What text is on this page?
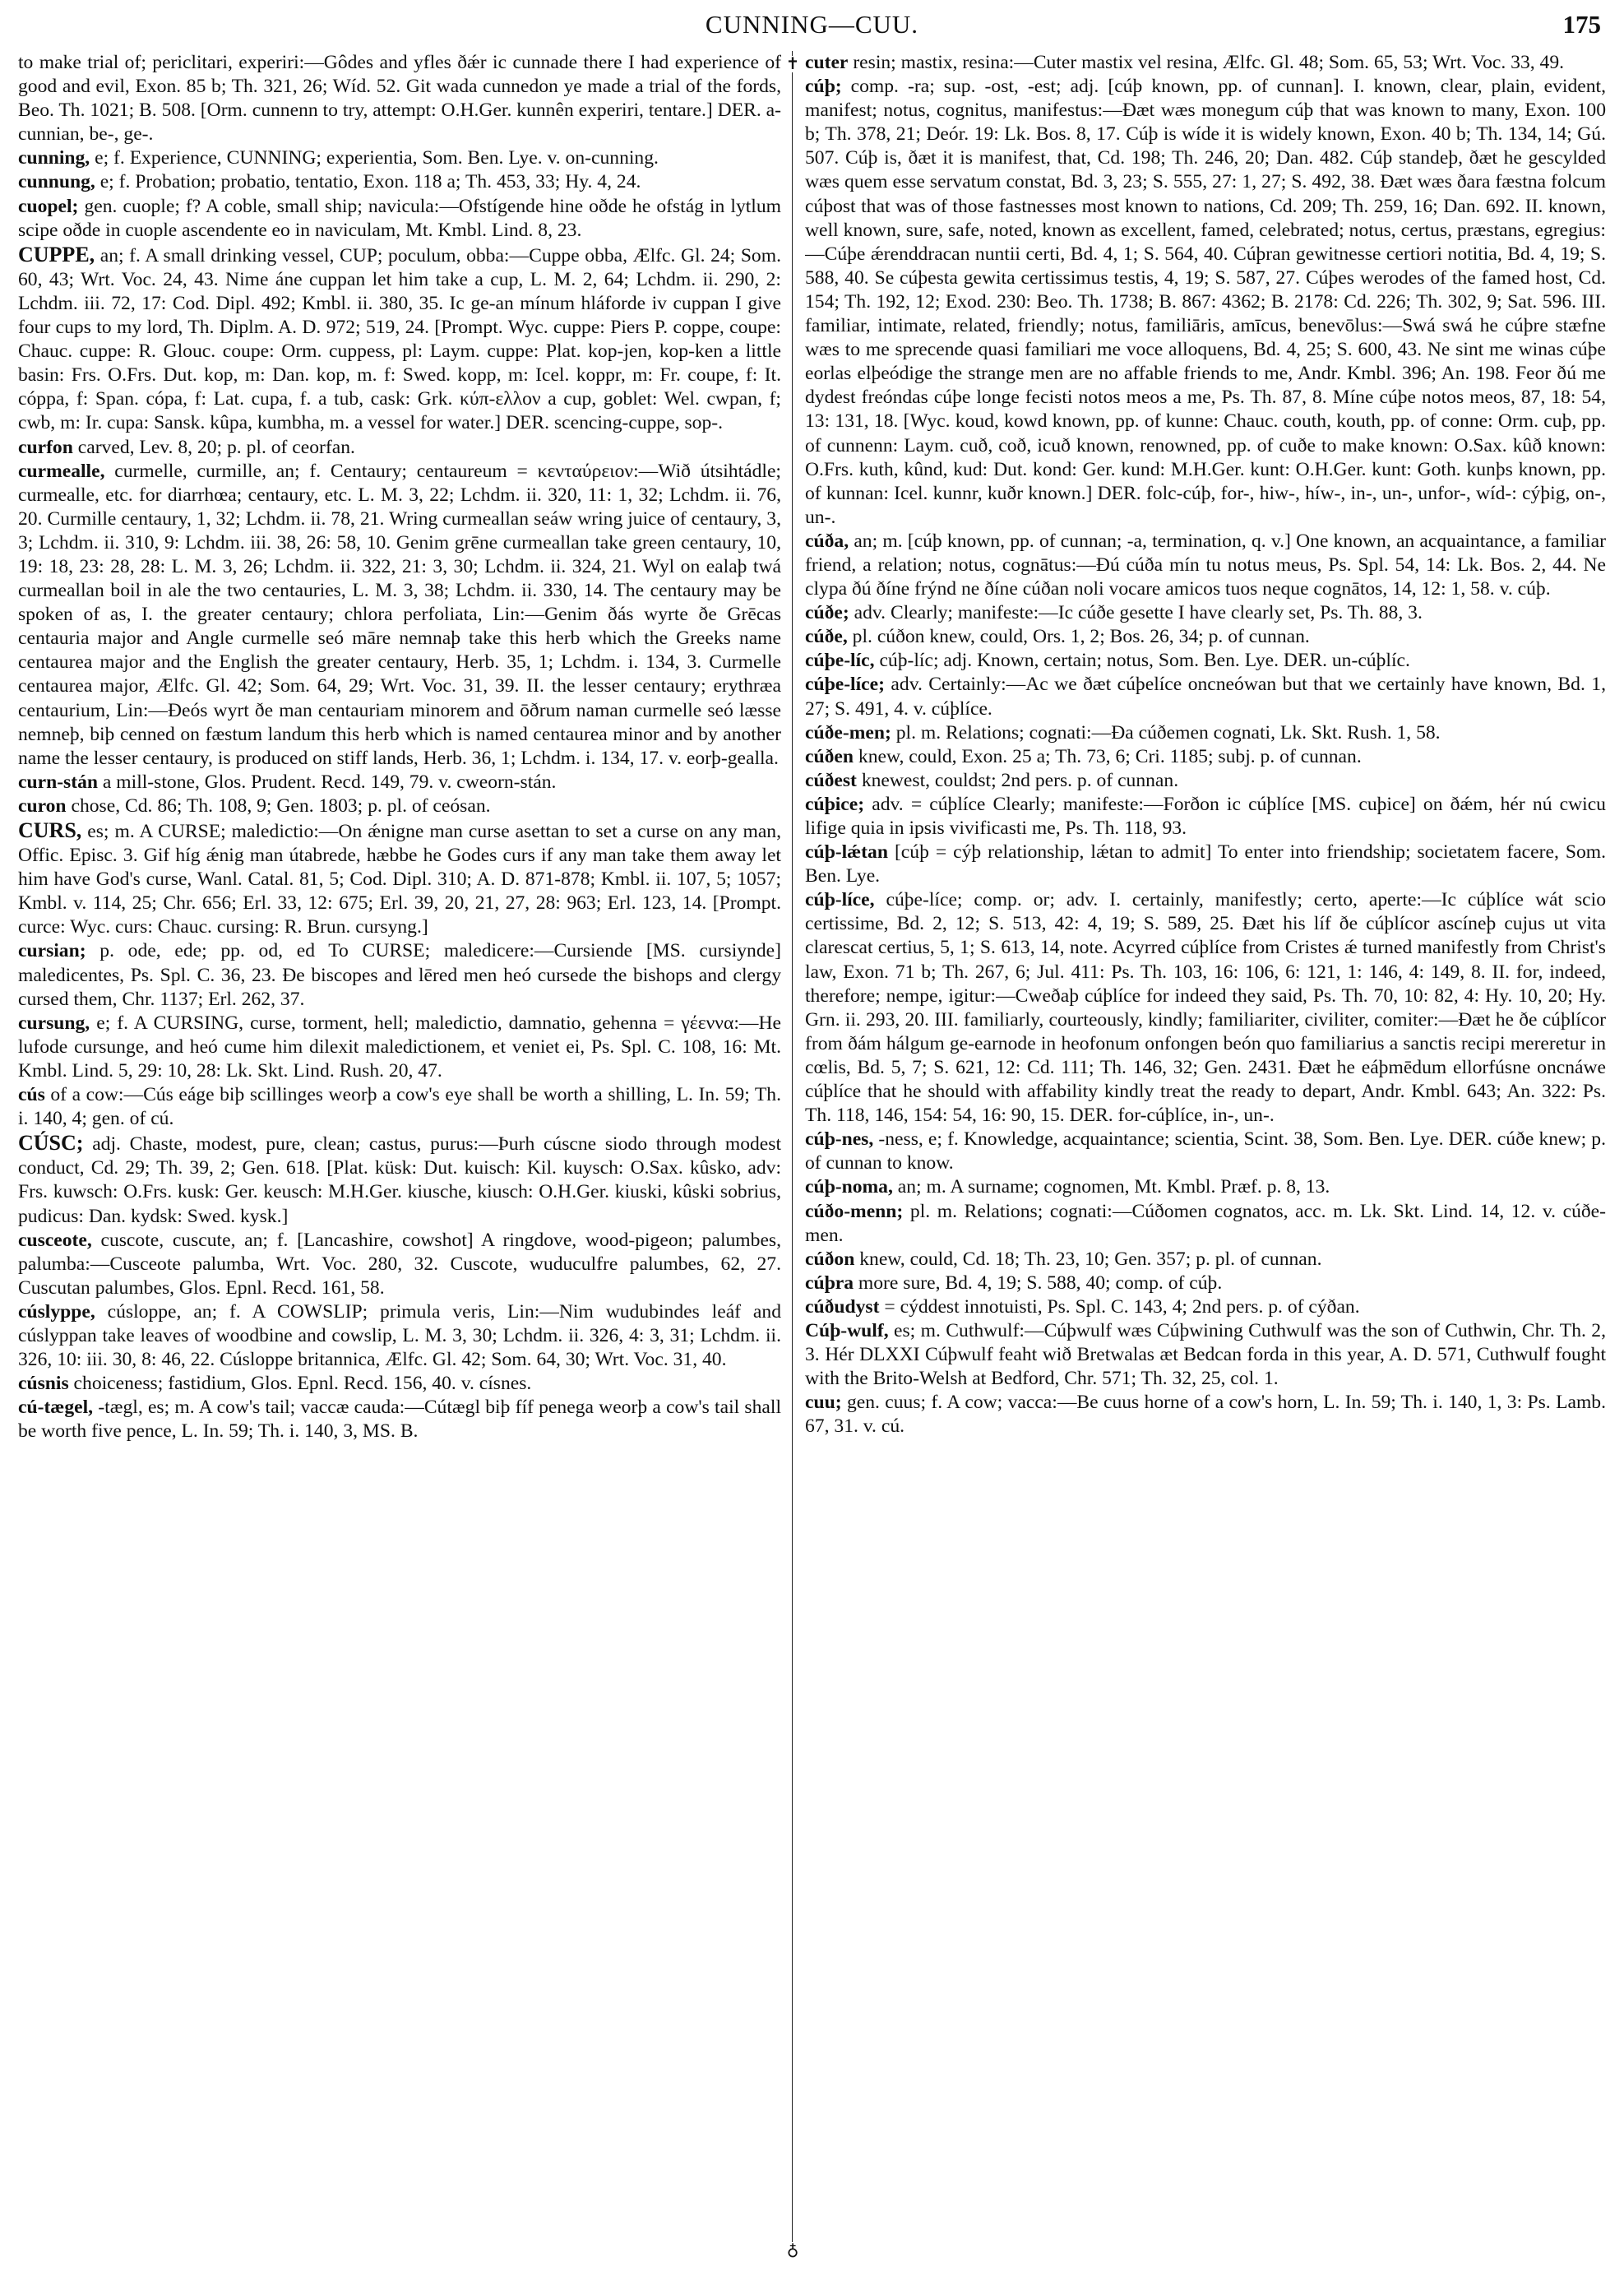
CUNNING—CUU.	175

to make trial of; periclitari, experiri:—Gôdes and yfles ðǽr ic cunnade there I had experience of good and evil, Exon. 85 b; Th. 321, 26; Wíd. 52. Git wada cunnedon ye made a trial of the fords, Beo. Th. 1021; B. 508. [Orm. cunnenn to try, attempt: O.H.Ger. kunnên experiri, tentare.] DER. a-cunnian, be-, ge-.

cunning, e; f. Experience, CUNNING; experientia, Som. Ben. Lye. v. on-cunning.

cunnung, e; f. Probation; probatio, tentatio, Exon. 118 a; Th. 453, 33; Hy. 4, 24.

cuopel; gen. cuople; f? A coble, small ship; navicula:—Ofstígende hine oðde he ofstág in lytlum scipe oðde in cuople ascendente eo in naviculam, Mt. Kmbl. Lind. 8, 23.

CUPPE, an; f. A small drinking vessel, CUP; poculum, obba:—Cuppe obba, Ælfc. Gl. 24; Som. 60, 43; Wrt. Voc. 24, 43. Nime áne cuppan let him take a cup, L. M. 2, 64; Lchdm. ii. 290, 2: Lchdm. iii. 72, 17: Cod. Dipl. 492; Kmbl. ii. 380, 35. Ic ge-an mínum hláforde iv cuppan I give four cups to my lord, Th. Diplm. A. D. 972; 519, 24. [Prompt. Wyc. cuppe: Piers P. coppe, coupe: Chauc. cuppe: R. Glouc. coupe: Orm. cuppess, pl: Laym. cuppe: Plat. kop-jen, kop-ken a little basin: Frs. O.Frs. Dut. kop, m: Dan. kop, m. f: Swed. kopp, m: Icel. koppr, m: Fr. coupe, f: It. cóppa, f: Span. cópa, f: Lat. cupa, f. a tub, cask: Grk. κύπ-ελλον a cup, goblet: Wel. cwpan, f; cwb, m: Ir. cupa: Sansk. kûpa, kumbha, m. a vessel for water.] DER. scencing-cuppe, sop-.

curfon carved, Lev. 8, 20; p. pl. of ceorfan.

curmealle, curmelle, curmille, an; f. Centaury; centaureum = κενταύρειον:—Wið útsihtádle; curmealle, etc. for diarrhœa; centaury, etc. L. M. 3, 22; Lchdm. ii. 320, 11: 1, 32; Lchdm. ii. 76, 20. Curmille centaury, 1, 32; Lchdm. ii. 78, 21. Wring curmeallan seáw wring juice of centaury, 3, 3; Lchdm. ii. 310, 9: Lchdm. iii. 38, 26: 58, 10. Genim grēne curmeallan take green centaury, 10, 19: 18, 23: 28, 28: L. M. 3, 26; Lchdm. ii. 322, 21: 3, 30; Lchdm. ii. 324, 21. Wyl on ealaþ twá curmeallan boil in ale the two centauries, L. M. 3, 38; Lchdm. ii. 330, 14. The centaury may be spoken of as, I. the greater centaury; chlora perfoliata, Lin:—Genim ðás wyrte ðe Grēcas centauria major and Angle curmelle seó māre nemnaþ take this herb which the Greeks name centaurea major and the English the greater centaury, Herb. 35, 1; Lchdm. i. 134, 3. Curmelle centaurea major, Ælfc. Gl. 42; Som. 64, 29; Wrt. Voc. 31, 39. II. the lesser centaury; erythræa centaurium, Lin:—Ðeós wyrt ðe man centauriam minorem and ōðrum naman curmelle seó læsse nemneþ, biþ cenned on fæstum landum this herb which is named centaurea minor and by another name the lesser centaury, is produced on stiff lands, Herb. 36, 1; Lchdm. i. 134, 17. v. eorþ-gealla.

curn-stán a mill-stone, Glos. Prudent. Recd. 149, 79. v. cweorn-stán.

curon chose, Cd. 86; Th. 108, 9; Gen. 1803; p. pl. of ceósan.

CURS, es; m. A CURSE; maledictio:—On ǽnigne man curse asettan to set a curse on any man, Offic. Episc. 3. Gif híg ǽnig man útabrede, hæbbe he Godes curs if any man take them away let him have God's curse, Wanl. Catal. 81, 5; Cod. Dipl. 310; A. D. 871-878; Kmbl. ii. 107, 5; 1057; Kmbl. v. 114, 25; Chr. 656; Erl. 33, 12: 675; Erl. 39, 20, 21, 27, 28: 963; Erl. 123, 14. [Prompt. curce: Wyc. curs: Chauc. cursing: R. Brun. cursyng.]

cursian; p. ode, ede; pp. od, ed To CURSE; maledicere:—Cursiende [MS. cursiynde] maledicentes, Ps. Spl. C. 36, 23. Ðe biscopes and lēred men heó cursede the bishops and clergy cursed them, Chr. 1137; Erl. 262, 37.

cursung, e; f. A CURSING, curse, torment, hell; maledictio, damnatio, gehenna = γέεννα:—He lufode cursunge, and heó cume him dilexit maledictionem, et veniet ei, Ps. Spl. C. 108, 16: Mt. Kmbl. Lind. 5, 29: 10, 28: Lk. Skt. Lind. Rush. 20, 47.

cús of a cow:—Cús eáge biþ scillinges weorþ a cow's eye shall be worth a shilling, L. In. 59; Th. i. 140, 4; gen. of cú.

CÚSC; adj. Chaste, modest, pure, clean; castus, purus:—Þurh cúscne siodo through modest conduct, Cd. 29; Th. 39, 2; Gen. 618. [Plat. küsk: Dut. kuisch: Kil. kuysch: O.Sax. kûsko, adv: Frs. kuwsch: O.Frs. kusk: Ger. keusch: M.H.Ger. kiusche, kiusch: O.H.Ger. kiuski, kûski sobrius, pudicus: Dan. kydsk: Swed. kysk.]

cusceote, cuscote, cuscute, an; f. [Lancashire, cowshot] A ringdove, wood-pigeon; palumbes, palumba:—Cusceote palumba, Wrt. Voc. 280, 32. Cuscote, wuduculfre palumbes, 62, 27. Cuscutan palumbes, Glos. Epnl. Recd. 161, 58.

cúslyppe, cúsloppe, an; f. A COWSLIP; primula veris, Lin:—Nim wudubindes leáf and cúslyppan take leaves of woodbine and cowslip, L. M. 3, 30; Lchdm. ii. 326, 4: 3, 31; Lchdm. ii. 326, 10: iii. 30, 8: 46, 22. Cúsloppe britannica, Ælfc. Gl. 42; Som. 64, 30; Wrt. Voc. 31, 40.

cúsnis choiceness; fastidium, Glos. Epnl. Recd. 156, 40. v. císnes.

cú-tægel, -tægl, es; m. A cow's tail; vaccæ cauda:—Cútægl biþ fíf penega weorþ a cow's tail shall be worth five pence, L. In. 59; Th. i. 140, 3, MS. B.

✝
♁

cuter resin; mastix, resina:—Cuter mastix vel resina, Ælfc. Gl. 48; Som. 65, 53; Wrt. Voc. 33, 49.

cúþ; comp. -ra; sup. -ost, -est; adj. [cúþ known, pp. of cunnan]. I. known, clear, plain, evident, manifest; notus, cognitus, manifestus:—Ðæt wæs monegum cúþ that was known to many, Exon. 100 b; Th. 378, 21; Deór. 19: Lk. Bos. 8, 17. Cúþ is wíde it is widely known, Exon. 40 b; Th. 134, 14; Gú. 507. Cúþ is, ðæt it is manifest, that, Cd. 198; Th. 246, 20; Dan. 482. Cúþ standeþ, ðæt he gescylded wæs quem esse servatum constat, Bd. 3, 23; S. 555, 27: 1, 27; S. 492, 38. Ðæt wæs ðara fæstna folcum cúþost that was of those fastnesses most known to nations, Cd. 209; Th. 259, 16; Dan. 692. II. known, well known, sure, safe, noted, known as excellent, famed, celebrated; notus, certus, præstans, egregius:—Cúþe ǽrenddracan nuntii certi, Bd. 4, 1; S. 564, 40. Cúþran gewitnesse certiori notitia, Bd. 4, 19; S. 588, 40. Se cúþesta gewita certissimus testis, 4, 19; S. 587, 27. Cúþes werodes of the famed host, Cd. 154; Th. 192, 12; Exod. 230: Beo. Th. 1738; B. 867: 4362; B. 2178: Cd. 226; Th. 302, 9; Sat. 596. III. familiar, intimate, related, friendly; notus, familiāris, amīcus, benevōlus:—Swá swá he cúþre stæfne wæs to me sprecende quasi familiari me voce alloquens, Bd. 4, 25; S. 600, 43. Ne sint me winas cúþe eorlas elþeódige the strange men are no affable friends to me, Andr. Kmbl. 396; An. 198. Feor ðú me dydest freóndas cúþe longe fecisti notos meos a me, Ps. Th. 87, 8. Míne cúþe notos meos, 87, 18: 54, 13: 131, 18. [Wyc. koud, kowd known, pp. of kunne: Chauc. couth, kouth, pp. of conne: Orm. cuþ, pp. of cunnenn: Laym. cuð, coð, icuð known, renowned, pp. of cuðe to make known: O.Sax. kûð known: O.Frs. kuth, kûnd, kud: Dut. kond: Ger. kund: M.H.Ger. kunt: O.H.Ger. kunt: Goth. kunþs known, pp. of kunnan: Icel. kunnr, kuðr known.] DER. folc-cúþ, for-, hiw-, híw-, in-, un-, unfor-, wíd-: cýþig, on-, un-.

cúða, an; m. [cúþ known, pp. of cunnan; -a, termination, q. v.] One known, an acquaintance, a familiar friend, a relation; notus, cognātus:—Ðú cúða mín tu notus meus, Ps. Spl. 54, 14: Lk. Bos. 2, 44. Ne clypa ðú ðíne frýnd ne ðíne cúðan noli vocare amicos tuos neque cognātos, 14, 12: 1, 58. v. cúþ.

cúðe; adv. Clearly; manifeste:—Ic cúðe gesette I have clearly set, Ps. Th. 88, 3.

cúðe, pl. cúðon knew, could, Ors. 1, 2; Bos. 26, 34; p. of cunnan.

cúþe-líc, cúþ-líc; adj. Known, certain; notus, Som. Ben. Lye. DER. un-cúþlíc.

cúþe-líce; adv. Certainly:—Ac we ðæt cúþelíce oncneówan but that we certainly have known, Bd. 1, 27; S. 491, 4. v. cúþlíce.

cúðe-men; pl. m. Relations; cognati:—Ða cúðemen cognati, Lk. Skt. Rush. 1, 58.

cúðen knew, could, Exon. 25 a; Th. 73, 6; Cri. 1185; subj. p. of cunnan.

cúðest knewest, couldst; 2nd pers. p. of cunnan.

cúþice; adv. = cúþlíce Clearly; manifeste:—Forðon ic cúþlíce [MS. cuþice] on ðǽm, hér nú cwicu lifige quia in ipsis vivificasti me, Ps. Th. 118, 93.

cúþ-lǽtan [cúþ = cýþ relationship, lǽtan to admit] To enter into friendship; societatem facere, Som. Ben. Lye.

cúþ-líce, cúþe-líce; comp. or; adv. I. certainly, manifestly; certo, aperte:—Ic cúþlíce wát scio certissime, Bd. 2, 12; S. 513, 42: 4, 19; S. 589, 25. Ðæt his líf ðe cúþlícor ascíneþ cujus ut vita clarescat certius, 5, 1; S. 613, 14, note. Acyrred cúþlíce from Cristes ǽ turned manifestly from Christ's law, Exon. 71 b; Th. 267, 6; Jul. 411: Ps. Th. 103, 16: 106, 6: 121, 1: 146, 4: 149, 8. II. for, indeed, therefore; nempe, igitur:—Cweðaþ cúþlíce for indeed they said, Ps. Th. 70, 10: 82, 4: Hy. 10, 20; Hy. Grn. ii. 293, 20. III. familiarly, courteously, kindly; familiariter, civiliter, comiter:—Ðæt he ðe cúþlícor from ðám hálgum ge-earnode in heofonum onfongen beón quo familiarius a sanctis recipi mereretur in cœlis, Bd. 5, 7; S. 621, 12: Cd. 111; Th. 146, 32; Gen. 2431. Ðæt he eáþmēdum ellorfúsne oncnáwe cúþlíce that he should with affability kindly treat the ready to depart, Andr. Kmbl. 643; An. 322: Ps. Th. 118, 146, 154: 54, 16: 90, 15. DER. for-cúþlíce, in-, un-.

cúþ-nes, -ness, e; f. Knowledge, acquaintance; scientia, Scint. 38, Som. Ben. Lye. DER. cúðe knew; p. of cunnan to know.

cúþ-noma, an; m. A surname; cognomen, Mt. Kmbl. Præf. p. 8, 13.

cúðo-menn; pl. m. Relations; cognati:—Cúðomen cognatos, acc. m. Lk. Skt. Lind. 14, 12. v. cúðe-men.

cúðon knew, could, Cd. 18; Th. 23, 10; Gen. 357; p. pl. of cunnan.

cúþra more sure, Bd. 4, 19; S. 588, 40; comp. of cúþ.

cúðudyst = cýddest innotuisti, Ps. Spl. C. 143, 4; 2nd pers. p. of cýðan.

Cúþ-wulf, es; m. Cuthwulf:—Cúþwulf wæs Cúþwining Cuthwulf was the son of Cuthwin, Chr. Th. 2, 3. Hér DLXXI Cúþwulf feaht wið Bretwalas æt Bedcan forda in this year, A. D. 571, Cuthwulf fought with the Brito-Welsh at Bedford, Chr. 571; Th. 32, 25, col. 1.

cuu; gen. cuus; f. A cow; vacca:—Be cuus horne of a cow's horn, L. In. 59; Th. i. 140, 1, 3: Ps. Lamb. 67, 31. v. cú.
